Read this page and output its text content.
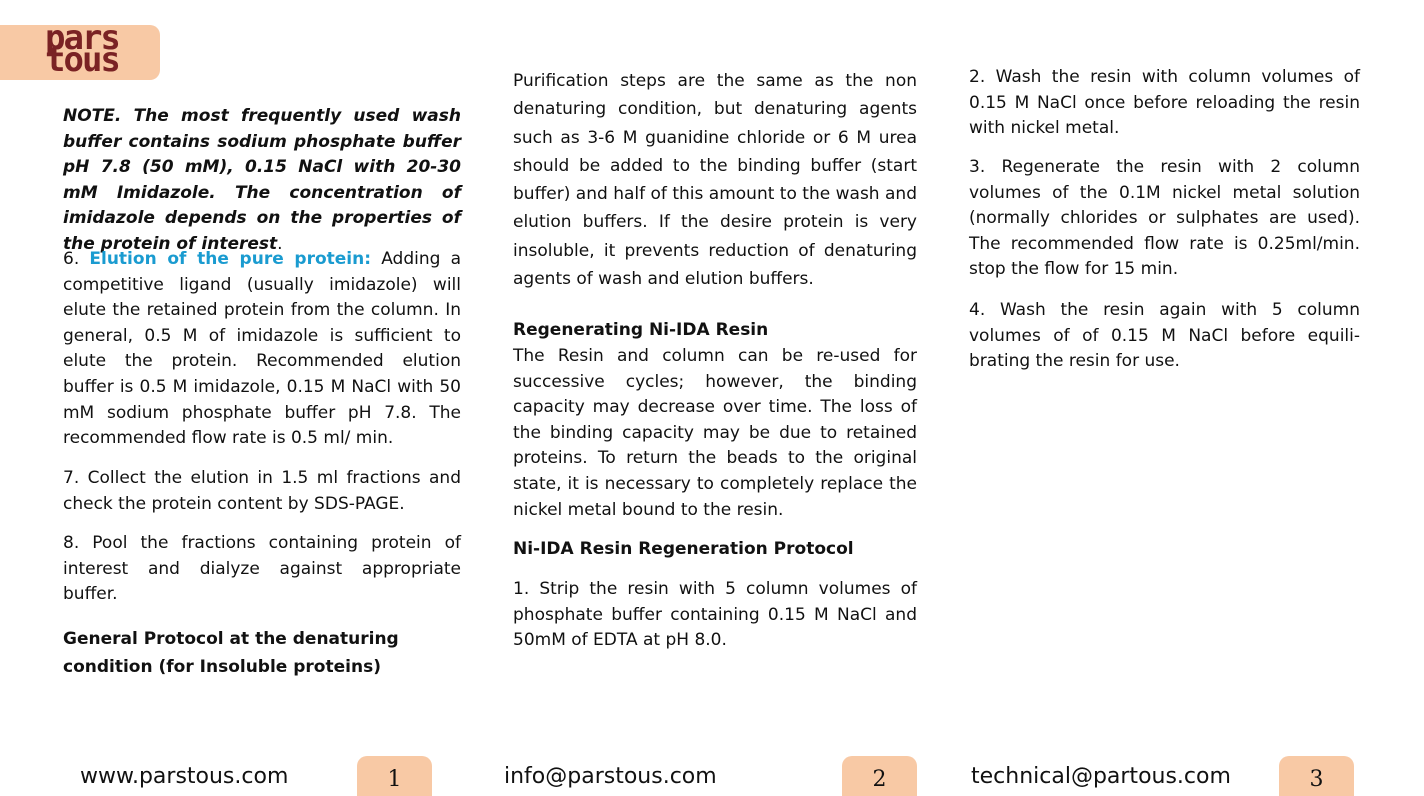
pars
tous

NOTE. The most frequently used wash buffer contains sodium phosphate buffer pH 7.8 (50 mM), 0.15 NaCl with 20-30 mM Imidazole. The concentration of imidazole depends on the properties of the protein of interest.

6. Elution of the pure protein: Adding a competitive ligand (usually imidazole) will elute the retained protein from the column. In general, 0.5 M of imidazole is sufficient to elute the protein. Recommended elution buffer is 0.5 M imidazole, 0.15 M NaCl with 50 mM sodium phosphate buffer pH 7.8. The recommended flow rate is 0.5 ml/ min.

7. Collect the elution in 1.5 ml fractions and check the protein content by SDS-PAGE.

8. Pool the fractions containing protein of interest and dialyze against appropriate buffer.

General Protocol at the denaturing condition (for Insoluble proteins)

Purification steps are the same as the non denaturing condition, but denaturing agents such as 3-6 M guanidine chloride or 6 M urea should be added to the binding buffer (start buffer) and half of this amount to the wash and elution buffers. If the desire protein is very insoluble, it prevents reduction of denaturing agents of wash and elution buffers.

Regenerating Ni-IDA Resin

The Resin and column can be re-used for successive cycles; however, the binding capacity may decrease over time. The loss of the binding capacity may be due to retained proteins. To return the beads to the original state, it is necessary to completely replace the nickel metal bound to the resin.

Ni-IDA Resin Regeneration Protocol

1. Strip the resin with 5 column volumes of phosphate buffer containing 0.15 M NaCl and 50mM of EDTA at pH 8.0.

2. Wash the resin with column volumes of 0.15 M NaCl once before reloading the resin with nickel metal.

3. Regenerate the resin with 2 column volumes of the 0.1M nickel metal solution (normally chlorides or sulphates are used). The recommended flow rate is 0.25ml/min. stop the flow for 15 min.

4. Wash the resin again with 5 column volumes of of 0.15 M NaCl before equili-brating the resin for use.

www.parstous.com	1	info@parstous.com	2	technical@partous.com	3
